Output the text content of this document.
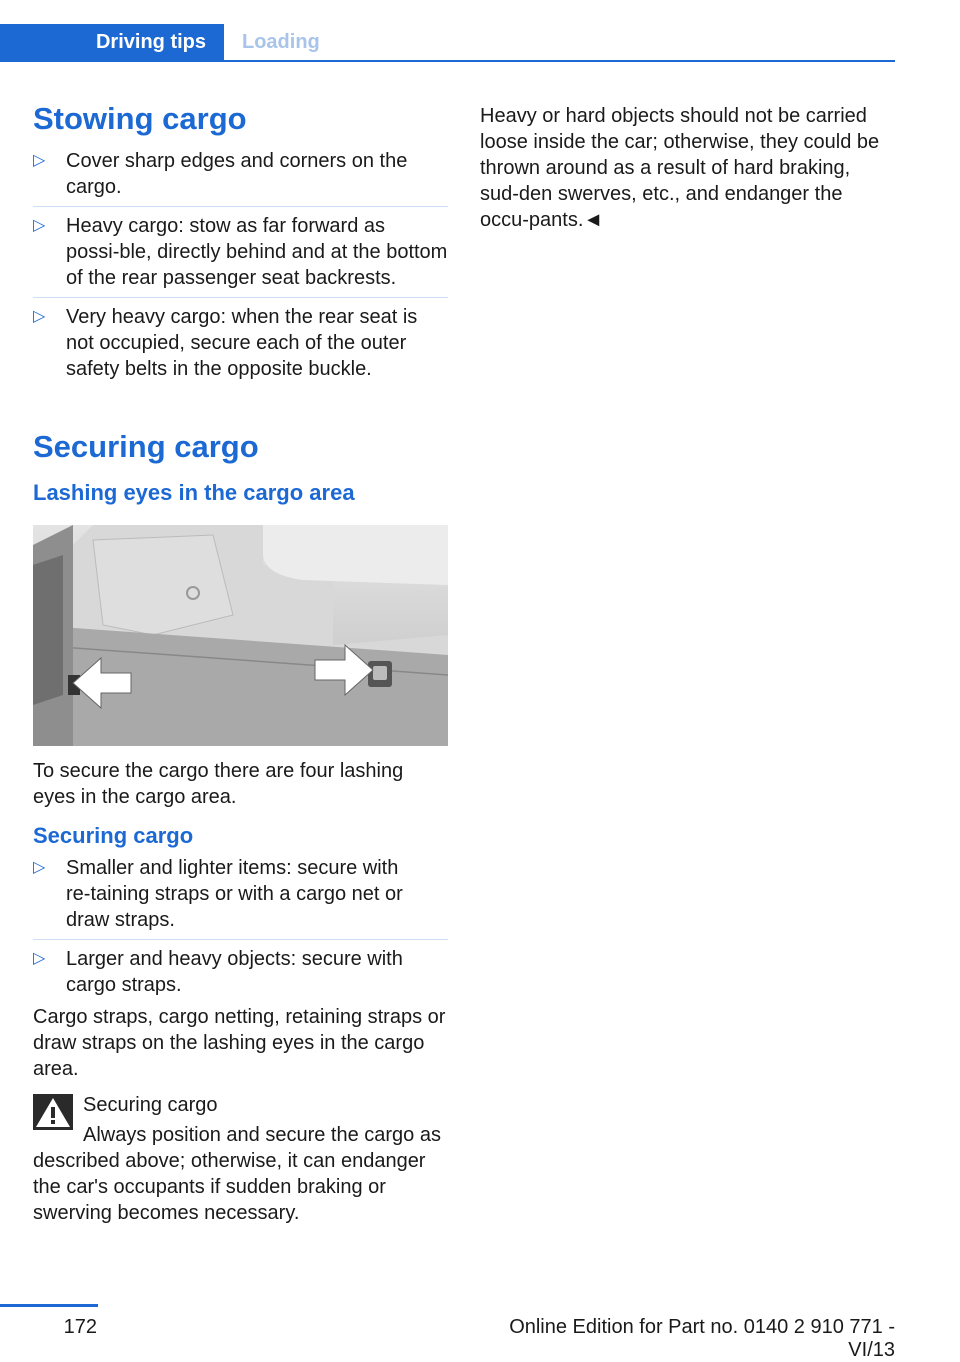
Driving tips	Loading
Stowing cargo
▷ Cover sharp edges and corners on the cargo.
▷ Heavy cargo: stow as far forward as possi‑ble, directly behind and at the bottom of the rear passenger seat backrests.
▷ Very heavy cargo: when the rear seat is not occupied, secure each of the outer safety belts in the opposite buckle.
Securing cargo
Lashing eyes in the cargo area

To secure the cargo there are four lashing eyes in the cargo area.

Securing cargo
▷ Smaller and lighter items: secure with re‑taining straps or with a cargo net or draw straps.
▷ Larger and heavy objects: secure with cargo straps.

Cargo straps, cargo netting, retaining straps or draw straps on the lashing eyes in the cargo area.

Securing cargo

Always position and secure the cargo as described above; otherwise, it can endanger the car's occupants if sudden braking or swerving becomes necessary.

Heavy or hard objects should not be carried loose inside the car; otherwise, they could be thrown around as a result of hard braking, sud‑den swerves, etc., and endanger the occu‑pants.◄

172	Online Edition for Part no. 0140 2 910 771 - VI/13
